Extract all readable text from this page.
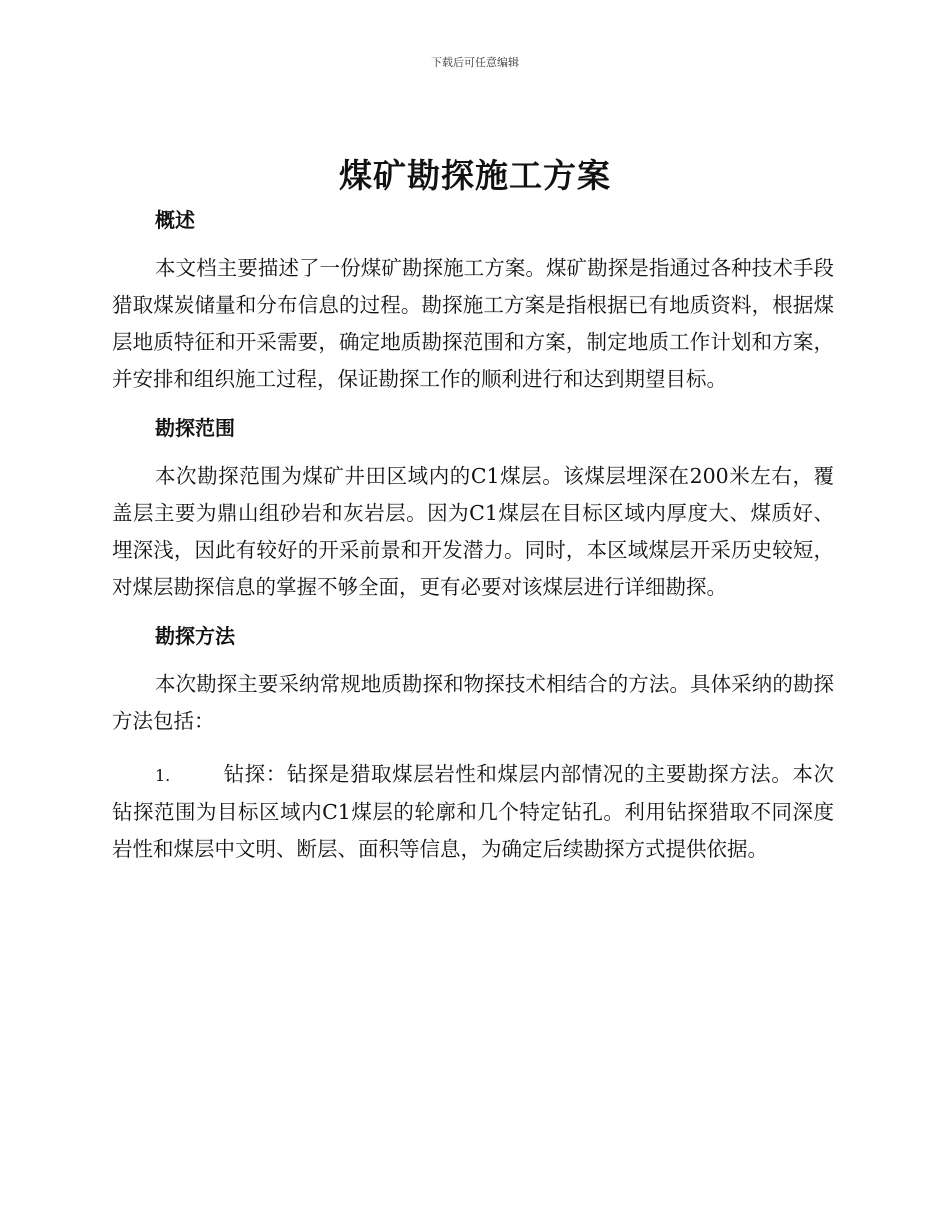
下载后可任意编辑
煤矿勘探施工方案
概述

本文档主要描述了一份煤矿勘探施工方案。煤矿勘探是指通过各种技术手段猎取煤炭储量和分布信息的过程。勘探施工方案是指根据已有地质资料，根据煤层地质特征和开采需要，确定地质勘探范围和方案，制定地质工作计划和方案，并安排和组织施工过程，保证勘探工作的顺利进行和达到期望目标。

勘探范围

本次勘探范围为煤矿井田区域内的C1煤层。该煤层埋深在200米左右，覆盖层主要为鼎山组砂岩和灰岩层。因为C1煤层在目标区域内厚度大、煤质好、埋深浅，因此有较好的开采前景和开发潜力。同时，本区域煤层开采历史较短，对煤层勘探信息的掌握不够全面，更有必要对该煤层进行详细勘探。

勘探方法

本次勘探主要采纳常规地质勘探和物探技术相结合的方法。具体采纳的勘探方法包括：

1.	钻探：钻探是猎取煤层岩性和煤层内部情况的主要勘探方法。本次钻探范围为目标区域内C1煤层的轮廓和几个特定钻孔。利用钻探猎取不同深度岩性和煤层中文明、断层、面积等信息，为确定后续勘探方式提供依据。
